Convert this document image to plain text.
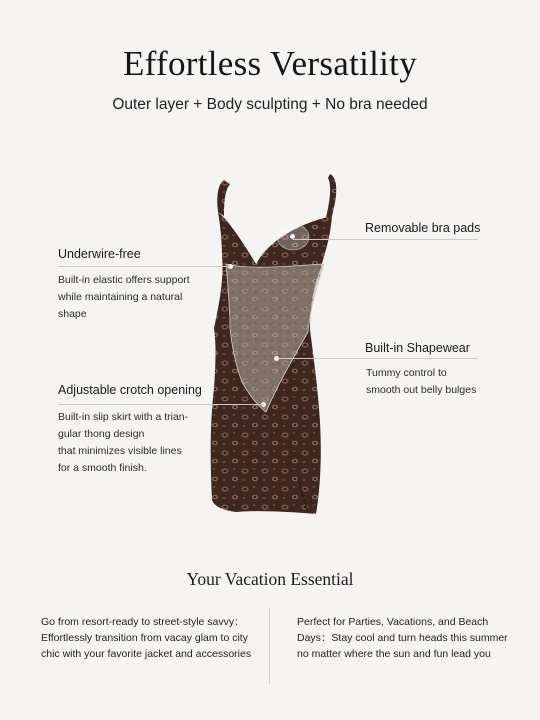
Effortless Versatility
Outer layer + Body sculpting + No bra needed
Underwire-free
Built-in elastic offers support
while maintaining a natural
shape
Removable bra pads
Built-in Shapewear
Tummy control to
smooth out belly bulges
Adjustable crotch opening
Built-in slip skirt with a trian-
gular thong design
that minimizes visible lines
for a smooth finish.
Your Vacation Essential
Go from resort-ready to street-style savvy：
Effortlessly transition from vacay glam to city
chic with your favorite jacket and accessories
Perfect for Parties, Vacations, and Beach
Days：Stay cool and turn heads this summer
no matter where the sun and fun lead you
